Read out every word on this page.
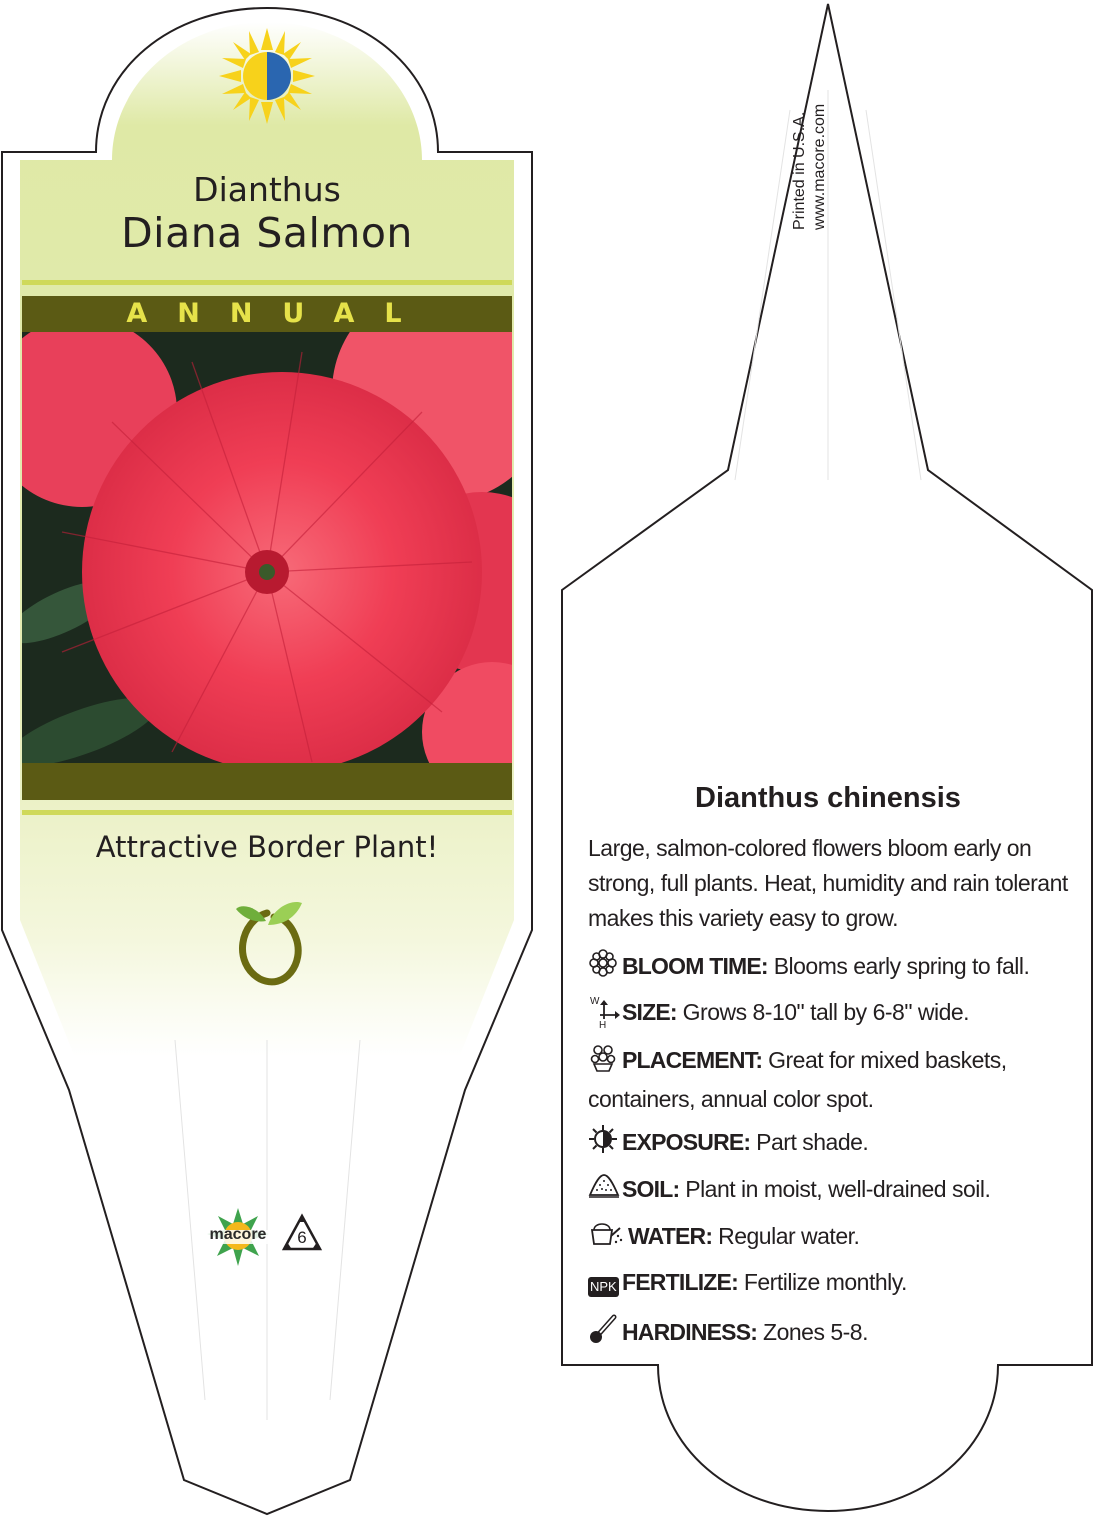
Dianthus
Diana Salmon
ANNUAL
Attractive Border Plant!
macore	6
Printed in U.S.A. www.macore.com
Dianthus chinensis
Large, salmon-colored flowers bloom early on strong, full plants. Heat, humidity and rain tolerant makes this variety easy to grow.
BLOOM TIME: Blooms early spring to fall.
W
H
SIZE: Grows 8-10" tall by 6-8" wide.
PLACEMENT: Great for mixed baskets, containers, annual color spot.
EXPOSURE: Part shade.
SOIL: Plant in moist, well-drained soil.
WATER: Regular water.
NPK FERTILIZE: Fertilize monthly.
HARDINESS: Zones 5-8.
